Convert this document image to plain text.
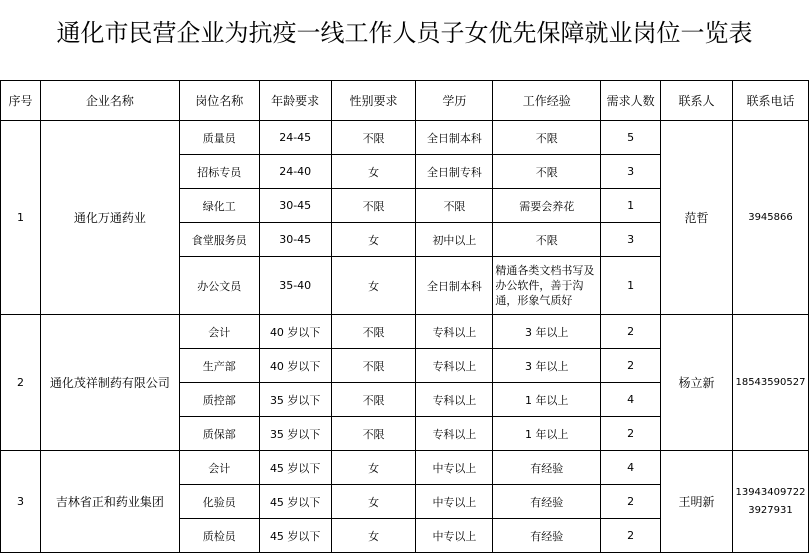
通化市民营企业为抗疫一线工作人员子女优先保障就业岗位一览表
序号	企业名称	岗位名称	年龄要求	性别要求	学历	工作经验	需求人数	联系人	联系电话
1	通化万通药业	质量员	24-45	不限	全日制本科	不限	5	范哲	3945866

		招标专员	24-40	女	全日制专科	不限	3		
		绿化工	30-45	不限	不限	需要会养花	1		
		食堂服务员	30-45	女	初中以上	不限	3		
		办公文员	35-40	女	全日制本科	精通各类文档书写及办公软件，善于沟通，形象气质好	1		
2	通化茂祥制药有限公司	会计	40 岁以下	不限	专科以上	3 年以上	2	杨立新	18543590527

		生产部	40 岁以下	不限	专科以上	3 年以上	2		
		质控部	35 岁以下	不限	专科以上	1 年以上	4		
		质保部	35 岁以下	不限	专科以上	1 年以上	2		
3	吉林省正和药业集团	会计	45 岁以下	女	中专以上	有经验	4	王明新	13943409722
3927931

		化验员	45 岁以下	女	中专以上	有经验	2		
		质检员	45 岁以下	女	中专以上	有经验	2		
